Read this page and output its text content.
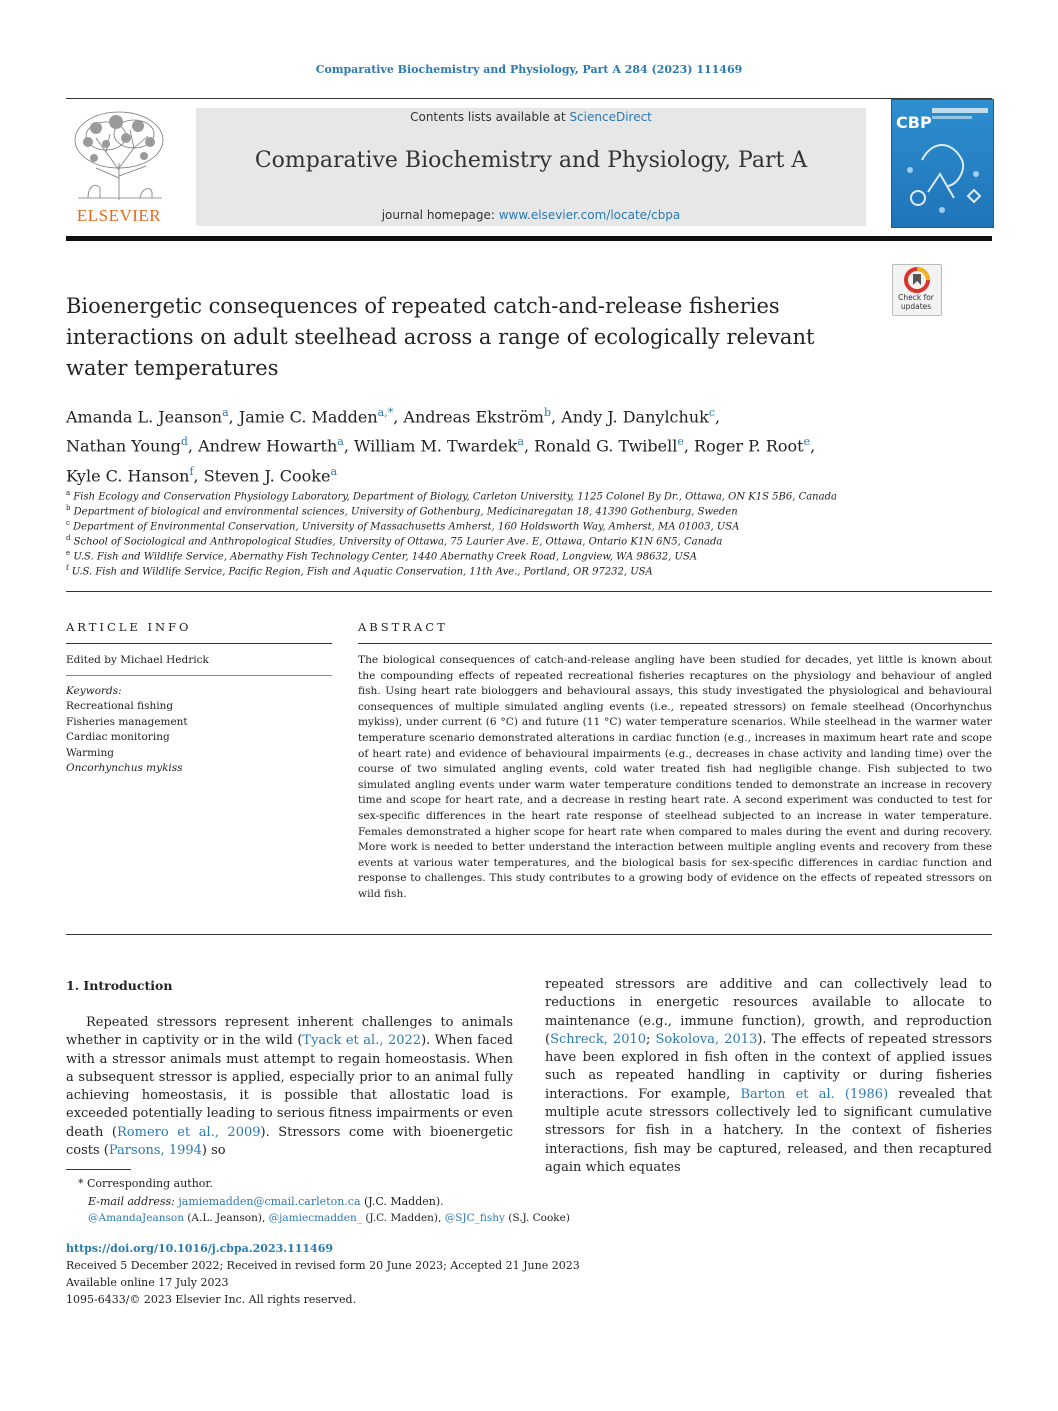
Comparative Biochemistry and Physiology, Part A 284 (2023) 111469
ELSEVIER
Contents lists available at ScienceDirect
Comparative Biochemistry and Physiology, Part A
journal homepage: www.elsevier.com/locate/cbpa
CBP
Check for updates
Bioenergetic consequences of repeated catch-and-release fisheries interactions on adult steelhead across a range of ecologically relevant water temperatures
Amanda L. Jeanson$^a$, Jamie C. Madden$^{a,*}$, Andreas Ekström$^b$, Andy J. Danylchuk$^c$,
Nathan Young$^d$, Andrew Howarth$^a$, William M. Twardek$^a$, Ronald G. Twibell$^e$, Roger P. Root$^e$,
Kyle C. Hanson$^f$, Steven J. Cooke$^a$
$^a$ Fish Ecology and Conservation Physiology Laboratory, Department of Biology, Carleton University, 1125 Colonel By Dr., Ottawa, ON K1S 5B6, Canada
$^b$ Department of biological and environmental sciences, University of Gothenburg, Medicinaregatan 18, 41390 Gothenburg, Sweden
$^c$ Department of Environmental Conservation, University of Massachusetts Amherst, 160 Holdsworth Way, Amherst, MA 01003, USA
$^d$ School of Sociological and Anthropological Studies, University of Ottawa, 75 Laurier Ave. E, Ottawa, Ontario K1N 6N5, Canada
$^e$ U.S. Fish and Wildlife Service, Abernathy Fish Technology Center, 1440 Abernathy Creek Road, Longview, WA 98632, USA
$^f$ U.S. Fish and Wildlife Service, Pacific Region, Fish and Aquatic Conservation, 11th Ave., Portland, OR 97232, USA
ARTICLE INFO
Edited by Michael Hedrick
Keywords:
Recreational fishing
Fisheries management
Cardiac monitoring
Warming
Oncorhynchus mykiss
ABSTRACT
The biological consequences of catch-and-release angling have been studied for decades, yet little is known about the compounding effects of repeated recreational fisheries recaptures on the physiology and behaviour of angled fish. Using heart rate biologgers and behavioural assays, this study investigated the physiological and behavioural consequences of multiple simulated angling events (i.e., repeated stressors) on female steelhead (Oncorhynchus mykiss), under current (6 °C) and future (11 °C) water temperature scenarios. While steelhead in the warmer water temperature scenario demonstrated alterations in cardiac function (e.g., increases in maximum heart rate and scope of heart rate) and evidence of behavioural impairments (e.g., decreases in chase activity and landing time) over the course of two simulated angling events, cold water treated fish had negligible change. Fish subjected to two simulated angling events under warm water temperature conditions tended to demonstrate an increase in recovery time and scope for heart rate, and a decrease in resting heart rate. A second experiment was conducted to test for sex-specific differences in the heart rate response of steelhead subjected to an increase in water temperature. Females demonstrated a higher scope for heart rate when compared to males during the event and during recovery. More work is needed to better understand the interaction between multiple angling events and recovery from these events at various water temperatures, and the biological basis for sex-specific differences in cardiac function and response to challenges. This study contributes to a growing body of evidence on the effects of repeated stressors on wild fish.
1. Introduction
Repeated stressors represent inherent challenges to animals whether in captivity or in the wild (Tyack et al., 2022). When faced with a stressor animals must attempt to regain homeostasis. When a subsequent stressor is applied, especially prior to an animal fully achieving homeostasis, it is possible that allostatic load is exceeded potentially leading to serious fitness impairments or even death (Romero et al., 2009). Stressors come with bioenergetic costs (Parsons, 1994) so
repeated stressors are additive and can collectively lead to reductions in energetic resources available to allocate to maintenance (e.g., immune function), growth, and reproduction (Schreck, 2010; Sokolova, 2013). The effects of repeated stressors have been explored in fish often in the context of applied issues such as repeated handling in captivity or during fisheries interactions. For example, Barton et al. (1986) revealed that multiple acute stressors collectively led to significant cumulative stressors for fish in a hatchery. In the context of fisheries interactions, fish may be captured, released, and then recaptured again which equates
* Corresponding author.
E-mail address: jamiemadden@cmail.carleton.ca (J.C. Madden).
@AmandaJeanson (A.L. Jeanson), @jamiecmadden_ (J.C. Madden), @SJC_fishy (S.J. Cooke)
https://doi.org/10.1016/j.cbpa.2023.111469
Received 5 December 2022; Received in revised form 20 June 2023; Accepted 21 June 2023
Available online 17 July 2023
1095-6433/© 2023 Elsevier Inc. All rights reserved.
